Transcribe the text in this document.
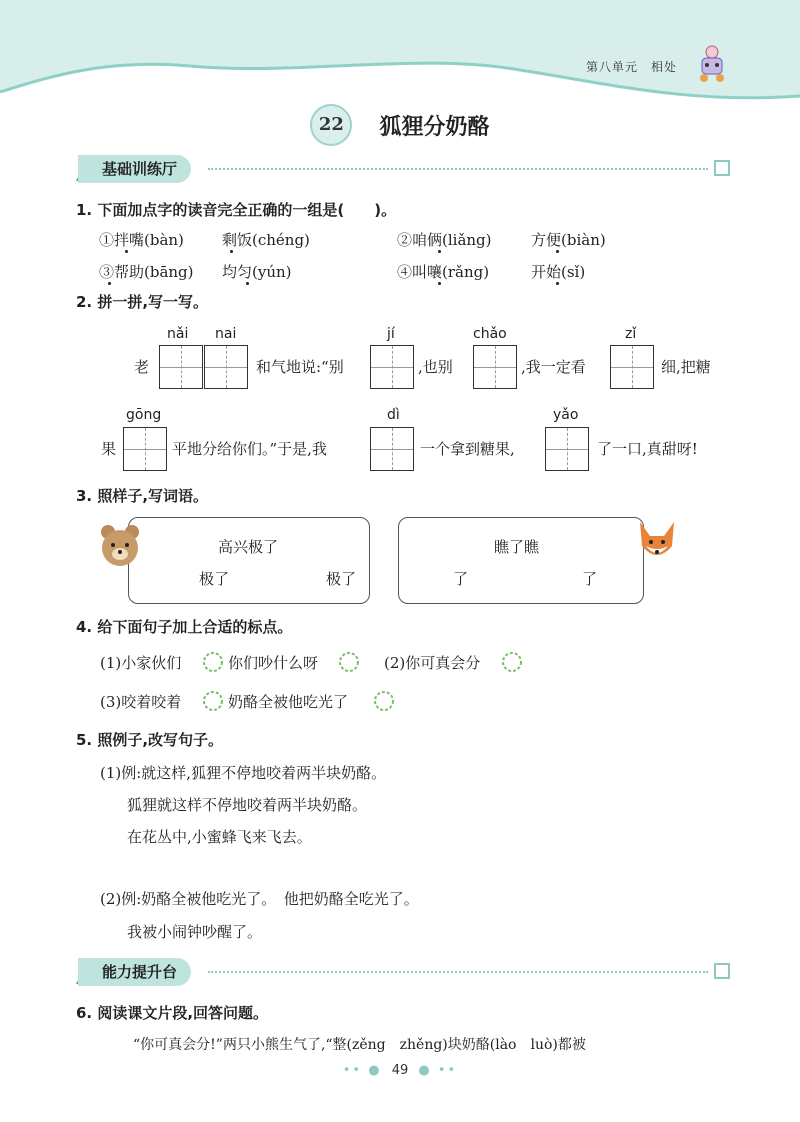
第八单元　相处
22 狐狸分奶酪
基础训练厅
1. 下面加点字的读音完全正确的一组是(　　)。
①拌嘴(bàn)	剩饭(chéng)	②咱俩(liǎng)	方便(biàn)
③帮助(bāng) 均匀(yún)	④叫嚷(rǎng)	开始(sǐ)
2. 拼一拼,写一写。
nǎi nai	jí	chǎo	zǐ
老	和气地说:“别	,也别	,我一定看	细,把糖
gōng	dì	yǎo
果	平地分给你们。”于是,我	一个拿到糖果,	了一口,真甜呀!
3. 照样子,写词语。
高兴极了
极了	极了
瞧了瞧
了	了
4. 给下面句子加上合适的标点。
(1)小家伙们	你们吵什么呀	(2)你可真会分
(3)咬着咬着	奶酪全被他吃光了
5. 照例子,改写句子。
(1)例:就这样,狐狸不停地咬着两半块奶酪。
狐狸就这样不停地咬着两半块奶酪。
在花丛中,小蜜蜂飞来飞去。
(2)例:奶酪全被他吃光了。　他把奶酪全吃光了。
我被小闹钟吵醒了。
能力提升台
6. 阅读课文片段,回答问题。
“你可真会分!”两只小熊生气了,“整(zěng　zhěng)块奶酪(lào　luò)都被
•• ● 49 ● ••
